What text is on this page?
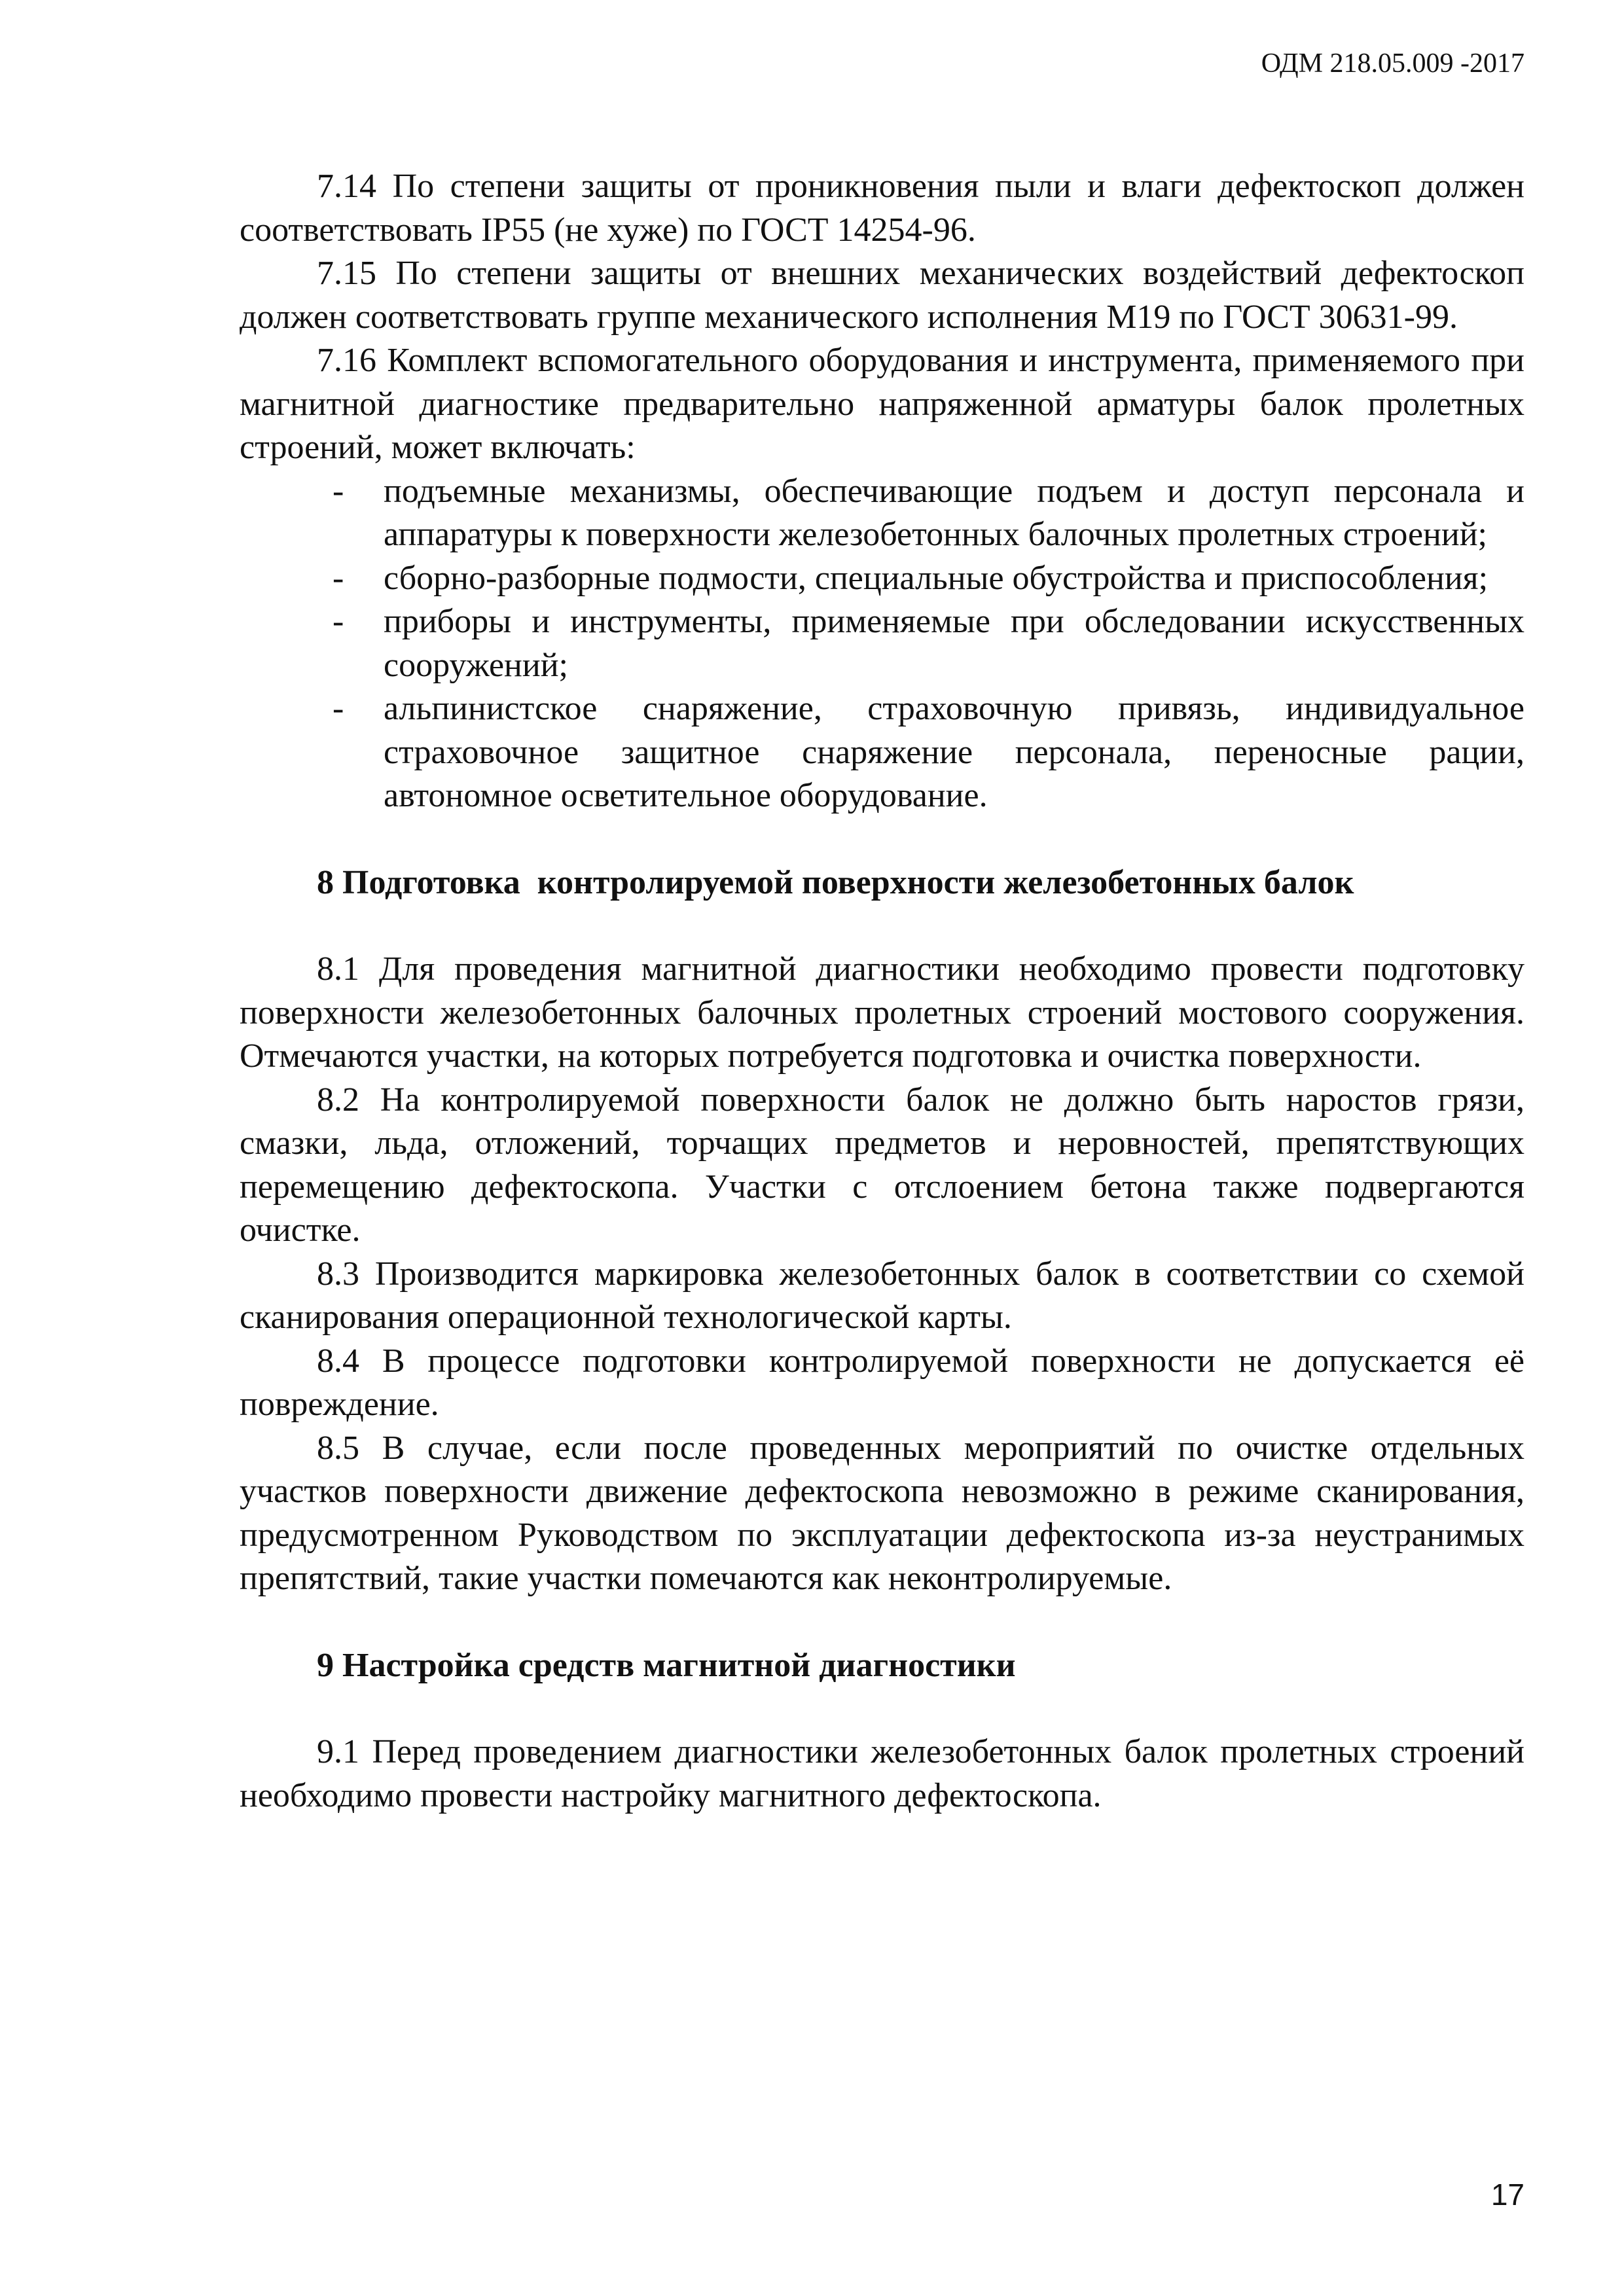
ОДМ 218.05.009 -2017

7.14 По степени защиты от проникновения пыли и влаги дефектоскоп должен соответствовать IP55 (не хуже) по ГОСТ 14254-96.

7.15 По степени защиты от внешних механических воздействий дефектоскоп должен соответствовать группе механического исполнения М19 по ГОСТ 30631-99.

7.16 Комплект вспомогательного оборудования и инструмента, применяемого при магнитной диагностике предварительно напряженной арматуры балок пролетных строений, может включать:

- подъемные механизмы, обеспечивающие подъем и доступ персонала и аппаратуры к поверхности железобетонных балочных пролетных строений;
- сборно-разборные подмости, специальные обустройства и приспособления;
- приборы и инструменты, применяемые при обследовании искусственных сооружений;
- альпинистское снаряжение, страховочную привязь, индивидуальное страховочное защитное снаряжение персонала, переносные рации, автономное осветительное оборудование.
8 Подготовка  контролируемой поверхности железобетонных балок

8.1 Для проведения магнитной диагностики необходимо провести подготовку поверхности железобетонных балочных пролетных строений мостового сооружения. Отмечаются участки, на которых потребуется подготовка и очистка поверхности.

8.2 На контролируемой поверхности балок не должно быть наростов грязи, смазки, льда, отложений, торчащих предметов и неровностей, препятствующих перемещению дефектоскопа. Участки с отслоением бетона также подвергаются очистке.

8.3 Производится маркировка железобетонных балок в соответствии со схемой сканирования операционной технологической карты.

8.4 В процессе подготовки контролируемой поверхности не допускается её повреждение.

8.5 В случае, если после проведенных мероприятий по очистке отдельных участков поверхности движение дефектоскопа невозможно в режиме сканирования, предусмотренном Руководством по эксплуатации дефектоскопа из-за неустранимых препятствий, такие участки помечаются как неконтролируемые.

9 Настройка средств магнитной диагностики

9.1 Перед проведением диагностики железобетонных балок пролетных строений необходимо провести настройку магнитного дефектоскопа.

17
